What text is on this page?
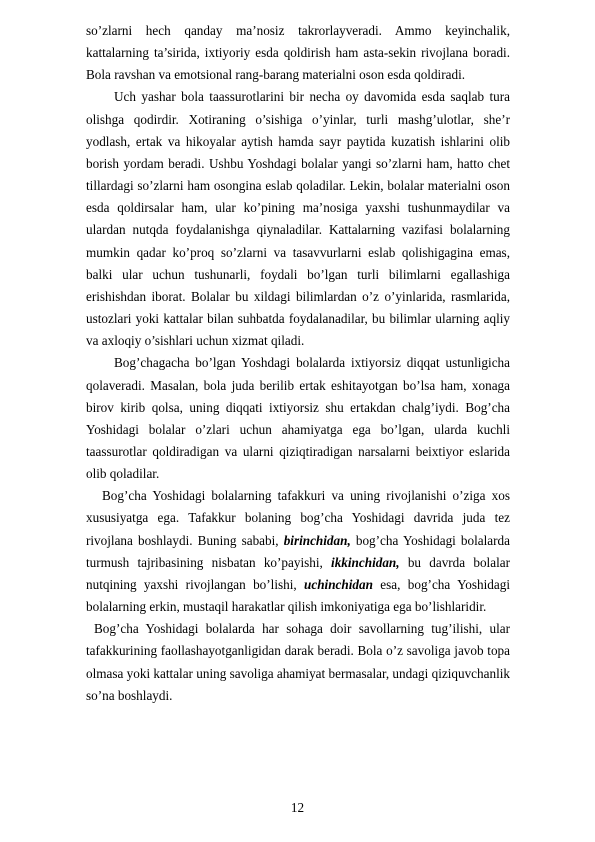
so’zlarni hech qanday ma’nosiz takrorlayveradi. Ammo keyinchalik, kattalarning ta’sirida, ixtiyoriy esda qoldirish ham asta-sekin rivojlana boradi. Bola ravshan va emotsional rang-barang materialni oson esda qoldiradi.

Uch yashar bola taassurotlarini bir necha oy davomida esda saqlab tura olishga qodirdir. Xotiraning o’sishiga o’yinlar, turli mashg’ulotlar, she’r yodlash, ertak va hikoyalar aytish hamda sayr paytida kuzatish ishlarini olib borish yordam beradi. Ushbu Yoshdagi bolalar yangi so’zlarni ham, hatto chet tillardagi so’zlarni ham osongina eslab qoladilar. Lekin, bolalar materialni oson esda qoldirsalar ham, ular ko’pining ma’nosiga yaxshi tushunmaydilar va ulardan nutqda foydalanishga qiynaladilar. Kattalarning vazifasi bolalarning mumkin qadar ko’proq so’zlarni va tasavvurlarni eslab qolishigagina emas, balki ular uchun tushunarli, foydali bo’lgan turli bilimlarni egallashiga erishishdan iborat. Bolalar bu xildagi bilimlardan o’z o’yinlarida, rasmlarida, ustozlari yoki kattalar bilan suhbatda foydalanadilar, bu bilimlar ularning aqliy va axloqiy o’sishlari uchun xizmat qiladi.

Bog’chagacha bo’lgan Yoshdagi bolalarda ixtiyorsiz diqqat ustunligicha qolaveradi. Masalan, bola juda berilib ertak eshitayotgan bo’lsa ham, xonaga birov kirib qolsa, uning diqqati ixtiyorsiz shu ertakdan chalg’iydi. Bog’cha Yoshidagi bolalar o’zlari uchun ahamiyatga ega bo’lgan, ularda kuchli taassurotlar qoldiradigan va ularni qiziqtiradigan narsalarni beixtiyor eslarida olib qoladilar.

Bog’cha Yoshidagi bolalarning tafakkuri va uning rivojlanishi o’ziga xos xususiyatga ega. Tafakkur bolaning bog’cha Yoshidagi davrida juda tez rivojlana boshlaydi. Buning sababi, birinchidan, bog’cha Yoshidagi bolalarda turmush tajribasining nisbatan ko’payishi, ikkinchidan, bu davrda bolalar nutqining yaxshi rivojlangan bo’lishi, uchinchidan esa, bog’cha Yoshidagi bolalarning erkin, mustaqil harakatlar qilish imkoniyatiga ega bo’lishlaridir.

Bog’cha Yoshidagi bolalarda har sohaga doir savollarning tug’ilishi, ular tafakkurining faollashayotganligidan darak beradi. Bola o’z savoliga javob topa olmasa yoki kattalar uning savoliga ahamiyat bermasalar, undagi qiziquvchanlik so’na boshlaydi.

12
